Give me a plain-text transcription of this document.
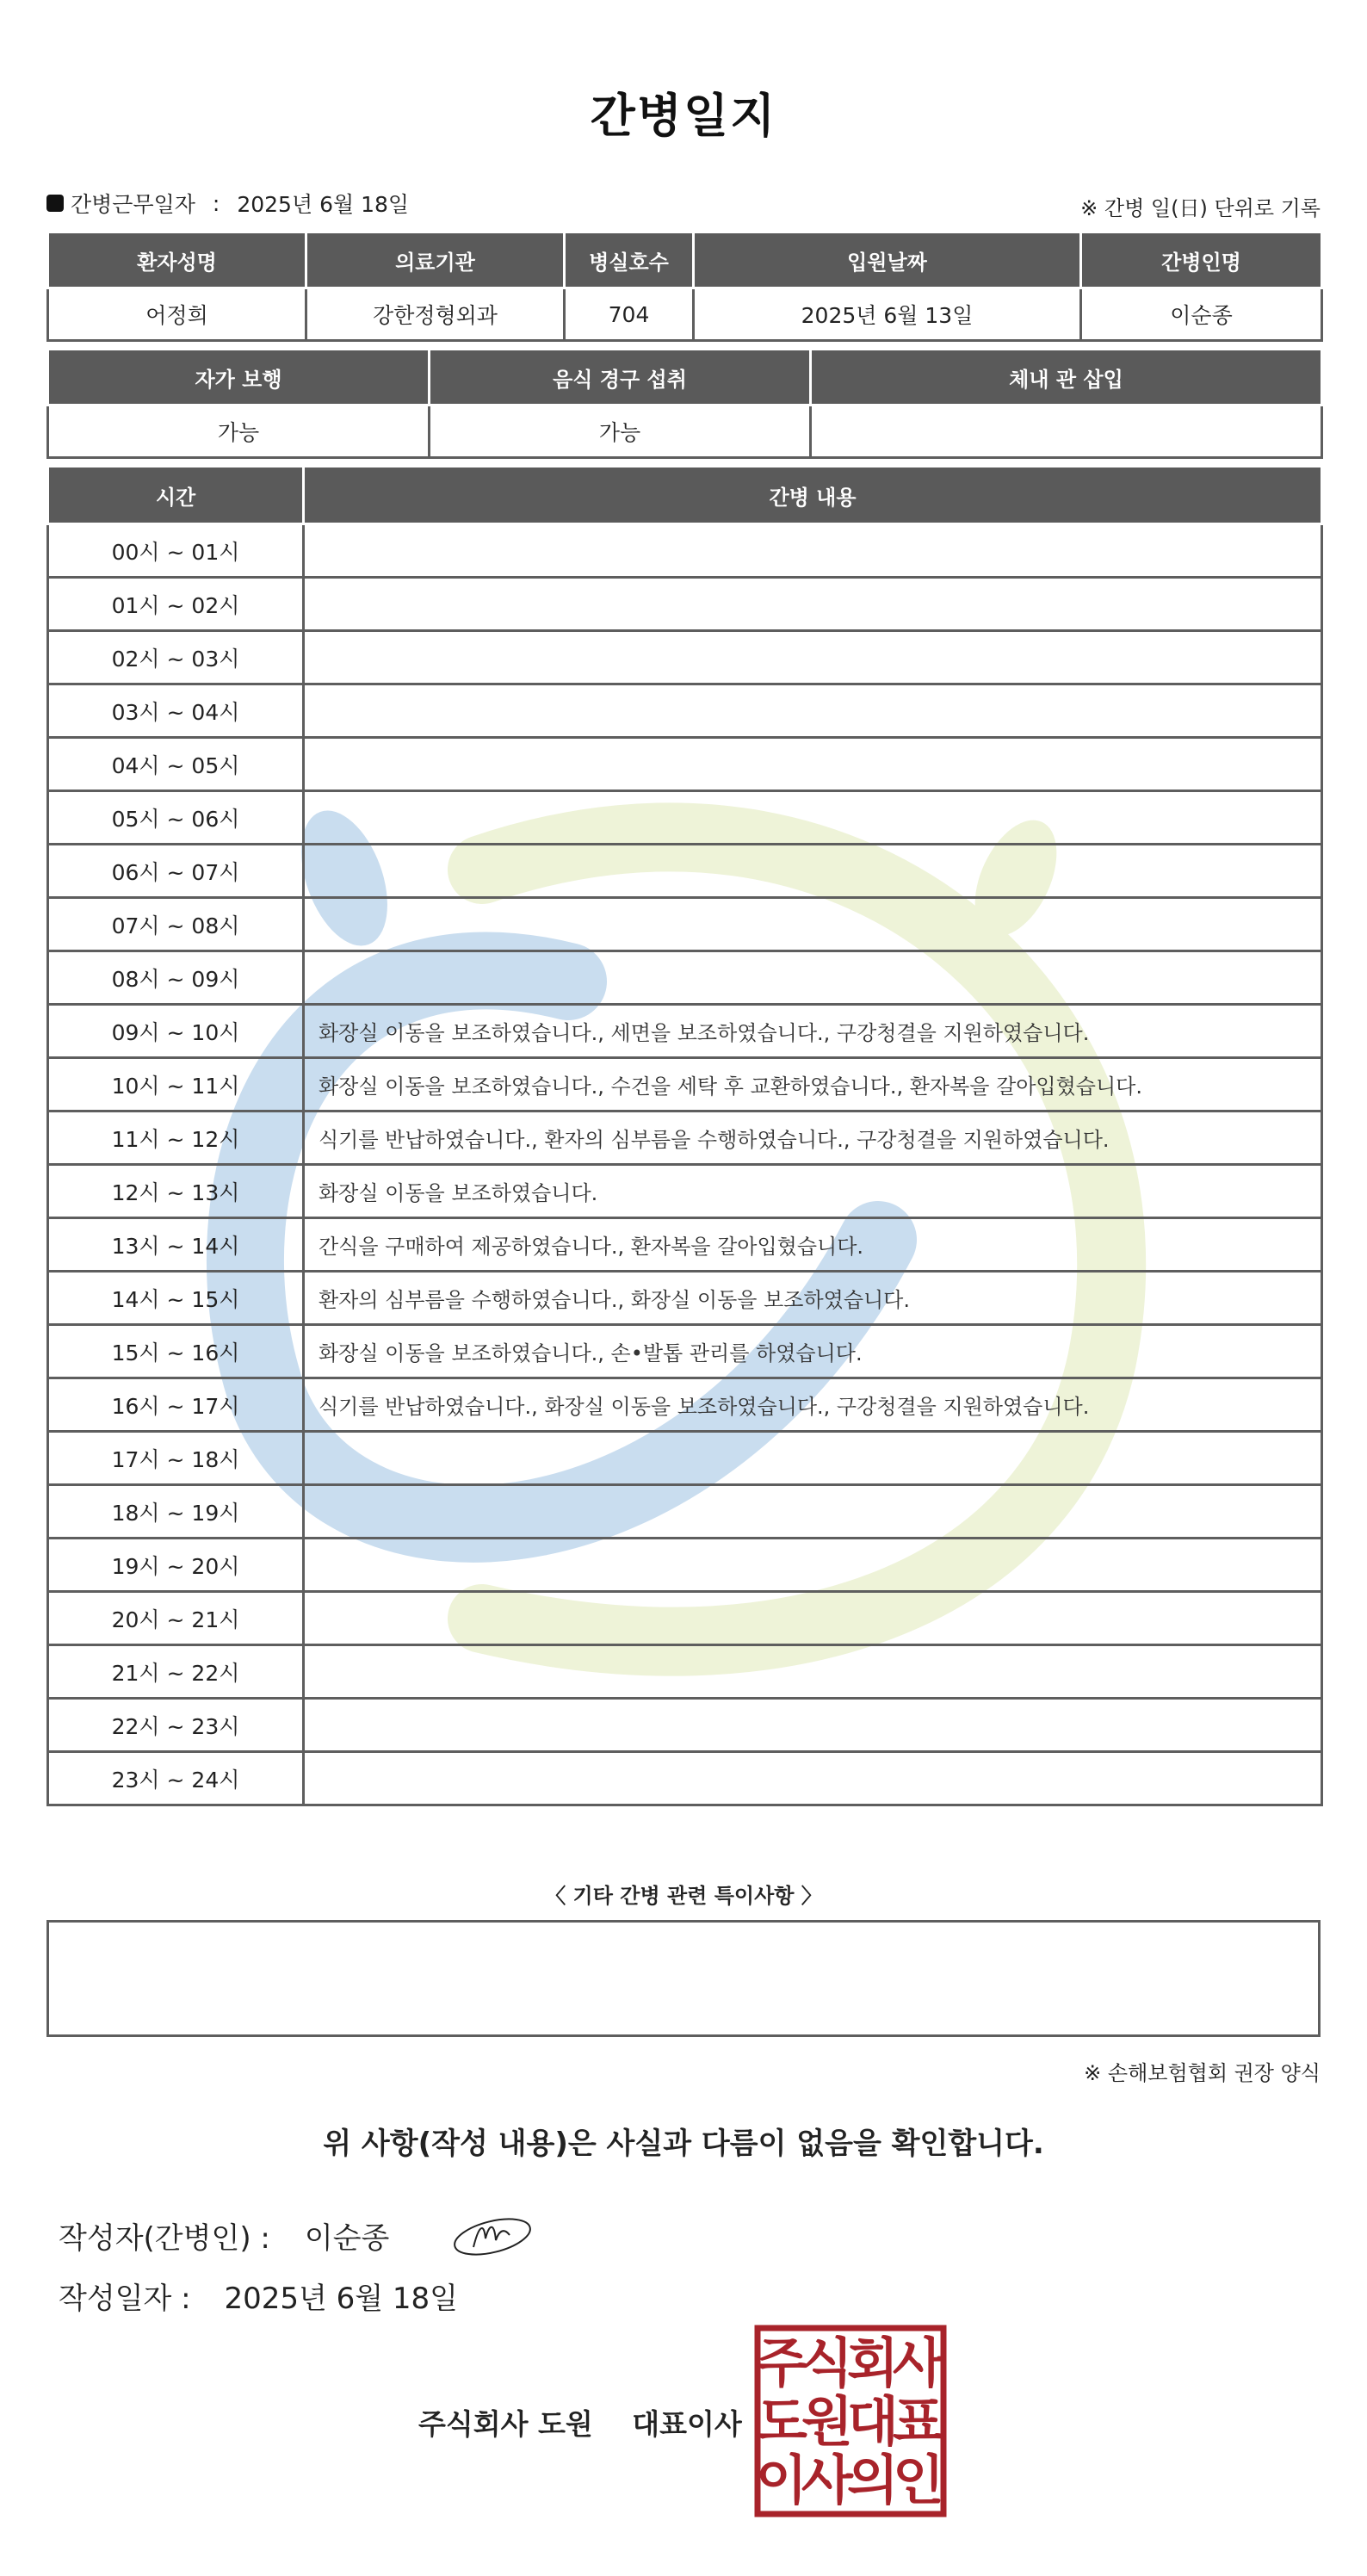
간병일지
간병근무일자 : 2025년 6월 18일	※ 간병 일(日) 단위로 기록
환자성명	의료기관	병실호수	입원날짜	간병인명
어정희	강한정형외과	704	2025년 6월 13일	이순종
자가 보행	음식 경구 섭취	체내 관 삽입
가능	가능	
시간	간병 내용
00시 ~ 01시	
01시 ~ 02시	
02시 ~ 03시	
03시 ~ 04시	
04시 ~ 05시	
05시 ~ 06시	
06시 ~ 07시	
07시 ~ 08시	
08시 ~ 09시	
09시 ~ 10시	화장실 이동을 보조하였습니다., 세면을 보조하였습니다., 구강청결을 지원하였습니다.
10시 ~ 11시	화장실 이동을 보조하였습니다., 수건을 세탁 후 교환하였습니다., 환자복을 갈아입혔습니다.
11시 ~ 12시	식기를 반납하였습니다., 환자의 심부름을 수행하였습니다., 구강청결을 지원하였습니다.
12시 ~ 13시	화장실 이동을 보조하였습니다.
13시 ~ 14시	간식을 구매하여 제공하였습니다., 환자복을 갈아입혔습니다.
14시 ~ 15시	환자의 심부름을 수행하였습니다., 화장실 이동을 보조하였습니다.
15시 ~ 16시	화장실 이동을 보조하였습니다., 손•발톱 관리를 하였습니다.
16시 ~ 17시	식기를 반납하였습니다., 화장실 이동을 보조하였습니다., 구강청결을 지원하였습니다.
17시 ~ 18시	
18시 ~ 19시	
19시 ~ 20시	
20시 ~ 21시	
21시 ~ 22시	
22시 ~ 23시	
23시 ~ 24시	
〈 기타 간병 관련 특이사항 〉
※ 손해보험협회 권장 양식
위 사항(작성 내용)은 사실과 다름이 없음을 확인합니다.
작성자(간병인) : 이순종
작성일자 : 2025년 6월 18일
주식회사 도원 대표이사
주
식
회
사
도
원
대
표
이
사
의
인
